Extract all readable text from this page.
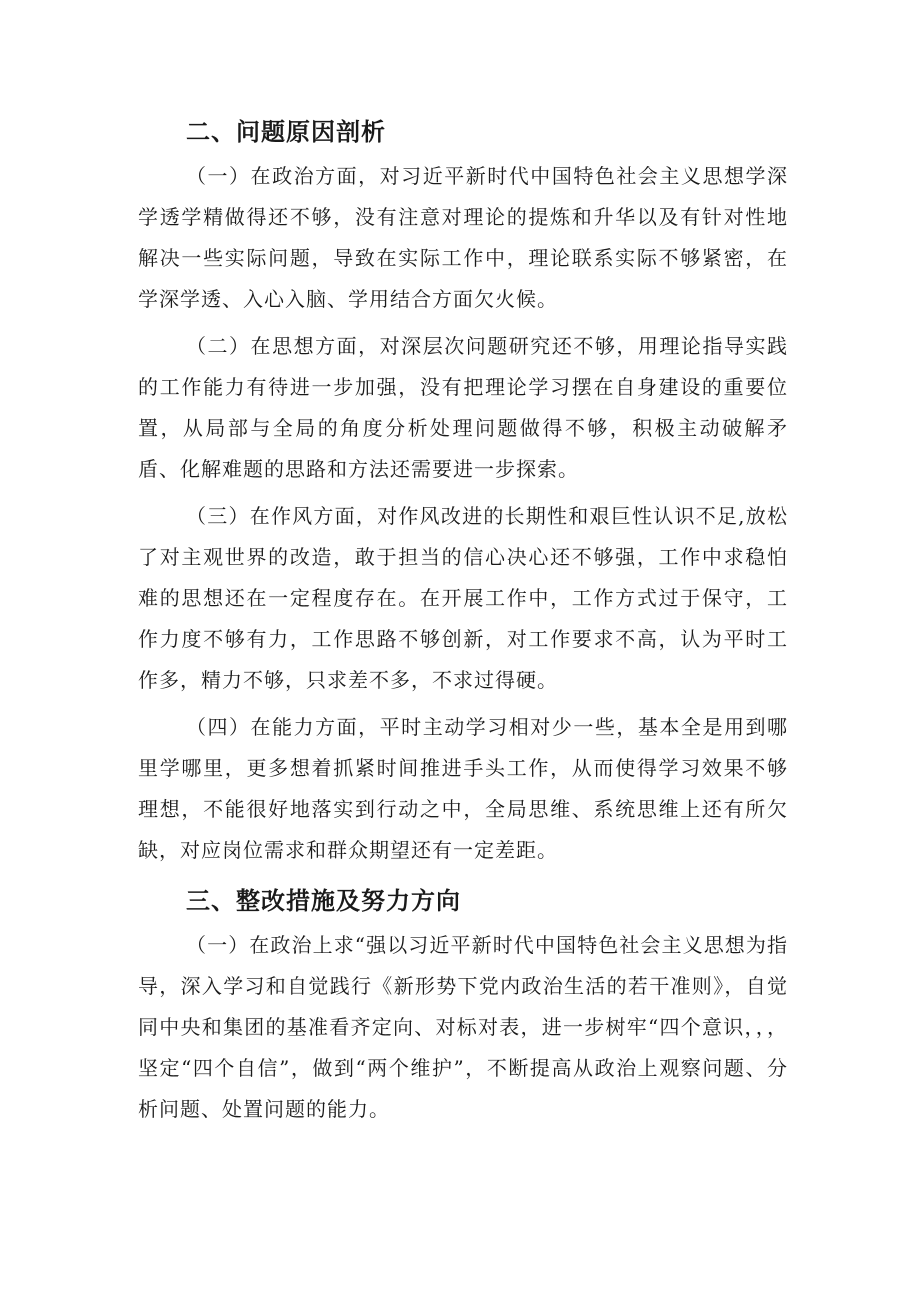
二、问题原因剖析

（一）在政治方面，对习近平新时代中国特色社会主义思想学深学透学精做得还不够，没有注意对理论的提炼和升华以及有针对性地解决一些实际问题，导致在实际工作中，理论联系实际不够紧密，在学深学透、入心入脑、学用结合方面欠火候。

（二）在思想方面，对深层次问题研究还不够，用理论指导实践的工作能力有待进一步加强，没有把理论学习摆在自身建设的重要位置，从局部与全局的角度分析处理问题做得不够，积极主动破解矛盾、化解难题的思路和方法还需要进一步探索。

（三）在作风方面，对作风改进的长期性和艰巨性认识不足,放松了对主观世界的改造，敢于担当的信心决心还不够强，工作中求稳怕难的思想还在一定程度存在。在开展工作中，工作方式过于保守，工作力度不够有力，工作思路不够创新，对工作要求不高，认为平时工作多，精力不够，只求差不多，不求过得硬。

（四）在能力方面，平时主动学习相对少一些，基本全是用到哪里学哪里，更多想着抓紧时间推进手头工作，从而使得学习效果不够理想，不能很好地落实到行动之中，全局思维、系统思维上还有所欠缺，对应岗位需求和群众期望还有一定差距。

三、整改措施及努力方向

（一）在政治上求“强以习近平新时代中国特色社会主义思想为指导，深入学习和自觉践行《新形势下党内政治生活的若干准则》，自觉同中央和集团的基准看齐定向、对标对表，进一步树牢“四个意识，，，坚定“四个自信”，做到“两个维护”，不断提高从政治上观察问题、分析问题、处置问题的能力。
